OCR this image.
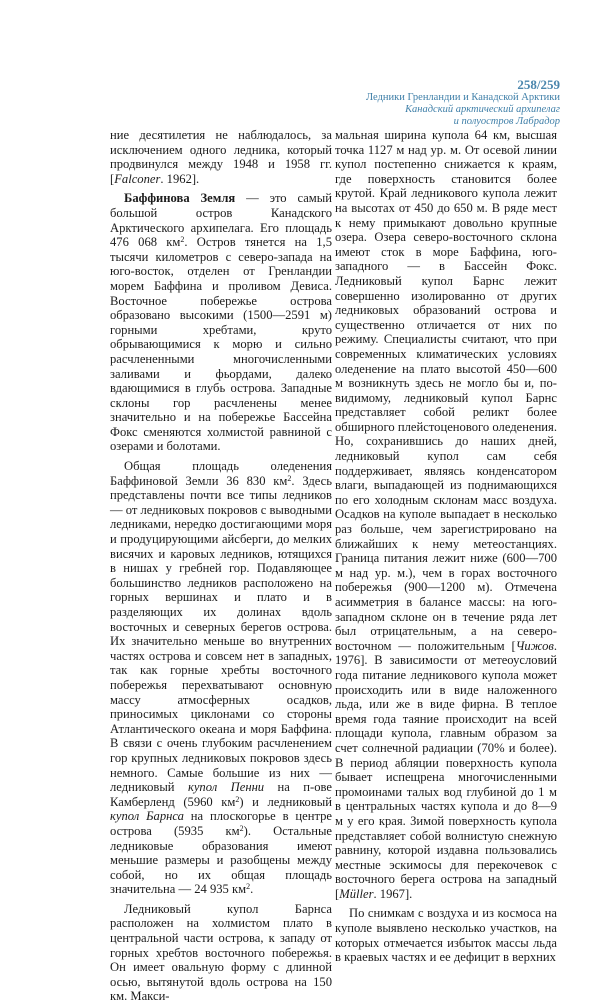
258/259
Ледники Гренландии и Канадской Арктики
Канадский арктический архипелаг
и полуостров Лабрадор

ние десятилетия не наблюдалось, за исключением одного ледника, который продвинулся между 1948 и 1958 гг. [Falconer. 1962].

Баффинова Земля — это самый большой остров Канадского Арктического архипелага. Его площадь 476 068 $км^2$. Остров тянется на 1,5 тысячи километров с северо-запада на юго-восток, отделен от Гренландии морем Баффина и проливом Девиса. Восточное побережье острова образовано высокими (1500—2591 м) горными хребтами, круто обрывающимися к морю и сильно расчлененными многочисленными заливами и фьордами, далеко вдающимися в глубь острова. Западные склоны гор расчленены менее значительно и на побережье Бассейна Фокс сменяются холмистой равниной с озерами и болотами.

Общая площадь оледенения Баффиновой Земли 36 830 $км^2$. Здесь представлены почти все типы ледников — от ледниковых покровов с выводными ледниками, нередко достигающими моря и продуцирующими айсберги, до мелких висячих и каровых ледников, ютящихся в нишах у гребней гор. Подавляющее большинство ледников расположено на горных вершинах и плато и в разделяющих их долинах вдоль восточных и северных берегов острова. Их значительно меньше во внутренних частях острова и совсем нет в западных, так как горные хребты восточного побережья перехватывают основную массу атмосферных осадков, приносимых циклонами со стороны Атлантического океана и моря Баффина. В связи с очень глубоким расчленением гор крупных ледниковых покровов здесь немного. Самые большие из них — ледниковый купол Пенни на п-ове Камберленд (5960 $км^2$) и ледниковый купол Барнса на плоскогорье в центре острова (5935 $км^2$). Остальные ледниковые образования имеют меньшие размеры и разобщены между собой, но их общая площадь значительна — 24 935 $км^2$.

Ледниковый купол Барнса расположен на холмистом плато в центральной части острова, к западу от горных хребтов восточного побережья. Он имеет овальную форму с длинной осью, вытянутой вдоль острова на 150 км. Макси-

мальная ширина купола 64 км, высшая точка 1127 м над ур. м. От осевой линии купол постепенно снижается к краям, где поверхность становится более крутой. Край ледникового купола лежит на высотах от 450 до 650 м. В ряде мест к нему примыкают довольно крупные озера. Озера северо-восточного склона имеют сток в море Баффина, юго-западного — в Бассейн Фокс. Ледниковый купол Барнс лежит совершенно изолированно от других ледниковых образований острова и существенно отличается от них по режиму. Специалисты считают, что при современных климатических условиях оледенение на плато высотой 450—600 м возникнуть здесь не могло бы и, по-видимому, ледниковый купол Барнс представляет собой реликт более обширного плейстоценового оледенения. Но, сохранившись до наших дней, ледниковый купол сам себя поддерживает, являясь конденсатором влаги, выпадающей из поднимающихся по его холодным склонам масс воздуха. Осадков на куполе выпадает в несколько раз больше, чем зарегистрировано на ближайших к нему метеостанциях. Граница питания лежит ниже (600—700 м над ур. м.), чем в горах восточного побережья (900—1200 м). Отмечена асимметрия в балансе массы: на юго-западном склоне он в течение ряда лет был отрицательным, а на северо-восточном — положительным [Чижов. 1976]. В зависимости от метеоусловий года питание ледникового купола может происходить или в виде наложенного льда, или же в виде фирна. В теплое время года таяние происходит на всей площади купола, главным образом за счет солнечной радиации (70% и более). В период абляции поверхность купола бывает испещрена многочисленными промоинами талых вод глубиной до 1 м в центральных частях купола и до 8—9 м у его края. Зимой поверхность купола представляет собой волнистую снежную равнину, которой издавна пользовались местные эскимосы для перекочевок с восточного берега острова на западный [Müller. 1967].

По снимкам с воздуха и из космоса на куполе выявлено несколько участков, на которых отмечается избыток массы льда в краевых частях и ее дефицит в верхних
